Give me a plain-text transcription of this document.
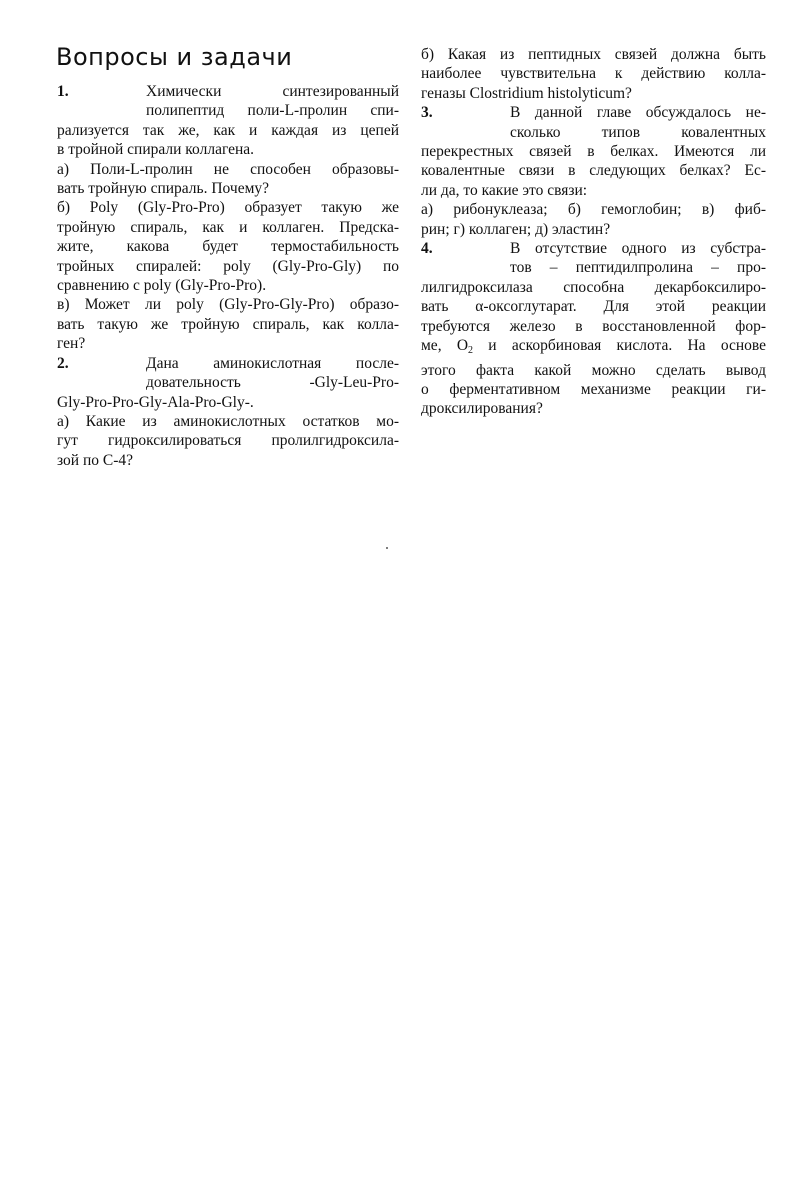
Вопросы и задачи
1.	Химически синтезированный
полипептид поли-L-пролин спи-
рализуется так же, как и каждая из цепей
в тройной спирали коллагена.
а) Поли-L-пролин не способен образовы-
вать тройную спираль. Почему?
б) Poly (Gly-Pro-Pro) образует такую же
тройную спираль, как и коллаген. Предска-
жите, какова будет термостабильность
тройных спиралей: poly (Gly-Pro-Gly) по
сравнению с poly (Gly-Pro-Pro).
в) Может ли poly (Gly-Pro-Gly-Pro) образо-
вать такую же тройную спираль, как колла-
ген?
2.	Дана аминокислотная после-
довательность -Gly-Leu-Pro-
Gly-Pro-Pro-Gly-Ala-Pro-Gly-.
а) Какие из аминокислотных остатков мо-
гут гидроксилироваться пролилгидроксила-
зой по С-4?
б) Какая из пептидных связей должна быть
наиболее чувствительна к действию колла-
геназы Clostridium histolyticum?
3.	В данной главе обсуждалось не-
сколько типов ковалентных
перекрестных связей в белках. Имеются ли
ковалентные связи в следующих белках? Ес-
ли да, то какие это связи:
а) рибонуклеаза; б) гемоглобин; в) фиб-
рин; г) коллаген; д) эластин?
4.	В отсутствие одного из субстра-
тов – пептидилпролина – про-
лилгидроксилаза способна декарбоксилиро-
вать α-оксоглутарат. Для этой реакции
требуются железо в восстановленной фор-
ме, $O_2$ и аскорбиновая кислота. На основе
этого факта какой можно сделать вывод
о ферментативном механизме реакции ги-
дроксилирования?
